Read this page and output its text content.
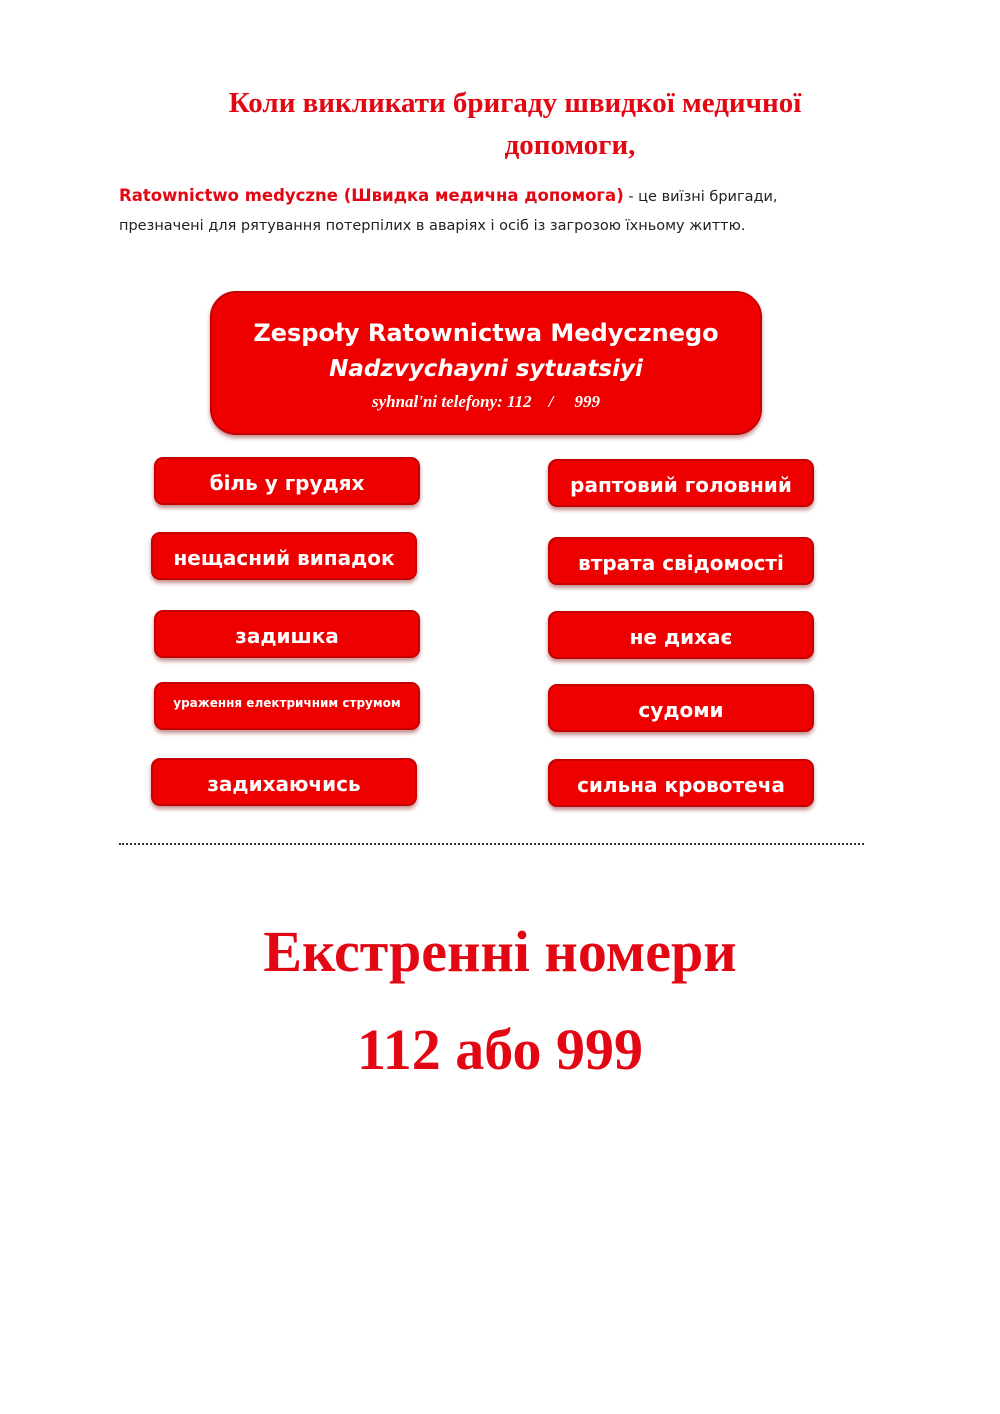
Коли викликати бригаду швидкої медичної
допомоги,
Ratownictwo medyczne (Швидка медична допомога) - це виїзні бригади,
презначені для рятування потерпілих в аваріях і осіб із загрозою їхньому життю.
Zespoły Ratownictwa Medycznego
Nadzvychayni sytuatsiyi
syhnal'ni telefony: 112    /     999
біль у грудях
нещасний випадок
задишка
ураження електричним струмом
задихаючись
раптовий головний
втрата свідомості
не дихає
судоми
сильна кровотеча
Екстренні номери
112 або 999
